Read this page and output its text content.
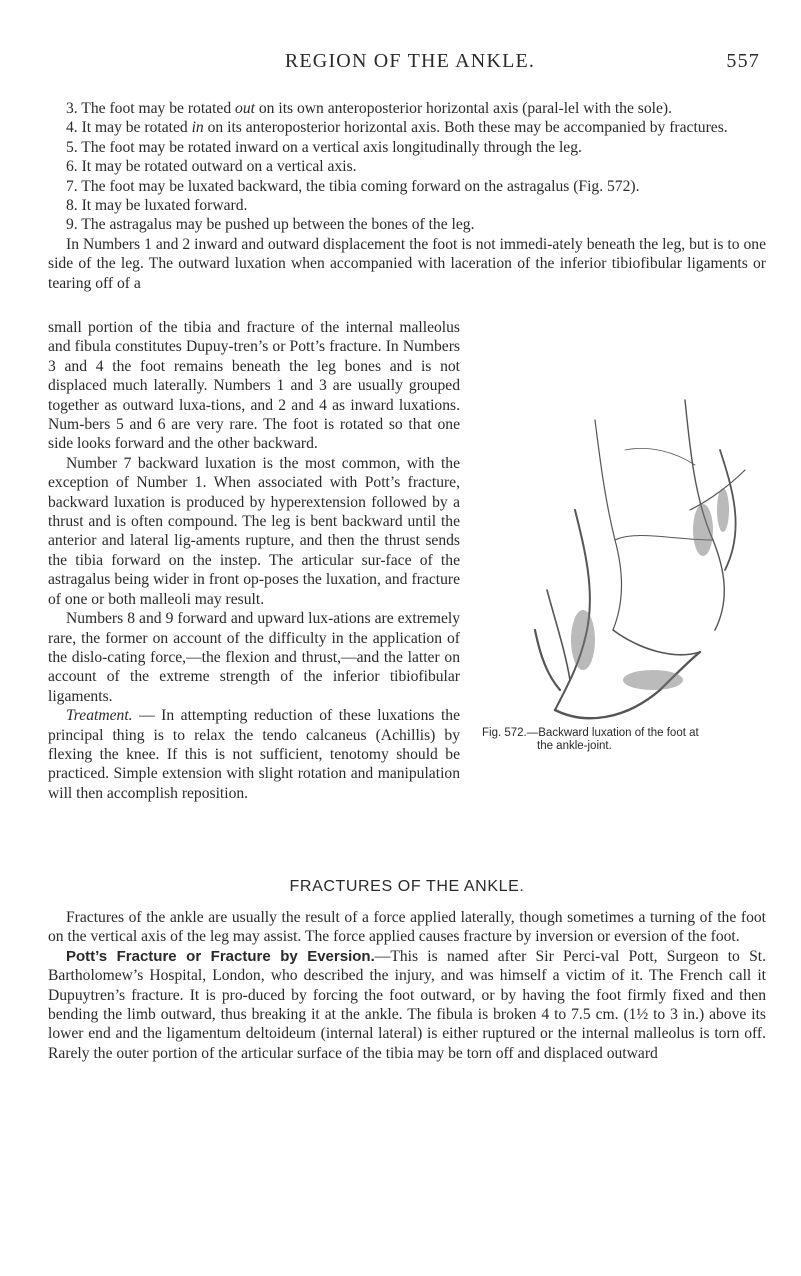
REGION OF THE ANKLE.	557

3. The foot may be rotated out on its own anteroposterior horizontal axis (paral-lel with the sole).

4. It may be rotated in on its anteroposterior horizontal axis. Both these may be accompanied by fractures.

5. The foot may be rotated inward on a vertical axis longitudinally through the leg.

6. It may be rotated outward on a vertical axis.

7. The foot may be luxated backward, the tibia coming forward on the astragalus (Fig. 572).

8. It may be luxated forward.

9. The astragalus may be pushed up between the bones of the leg.

In Numbers 1 and 2 inward and outward displacement the foot is not immedi-ately beneath the leg, but is to one side of the leg. The outward luxation when accompanied with laceration of the inferior tibiofibular ligaments or tearing off of a

small portion of the tibia and fracture of the internal malleolus and fibula constitutes Dupuy-tren’s or Pott’s fracture. In Numbers 3 and 4 the foot remains beneath the leg bones and is not displaced much laterally. Numbers 1 and 3 are usually grouped together as outward luxa-tions, and 2 and 4 as inward luxations. Num-bers 5 and 6 are very rare. The foot is rotated so that one side looks forward and the other backward.

Number 7 backward luxation is the most common, with the exception of Number 1. When associated with Pott’s fracture, backward luxation is produced by hyperextension followed by a thrust and is often compound. The leg is bent backward until the anterior and lateral lig-aments rupture, and then the thrust sends the tibia forward on the instep. The articular sur-face of the astragalus being wider in front op-poses the luxation, and fracture of one or both malleoli may result.

Numbers 8 and 9 forward and upward lux-ations are extremely rare, the former on account of the difficulty in the application of the dislo-cating force,—the flexion and thrust,—and the latter on account of the extreme strength of the inferior tibiofibular ligaments.

Treatment. — In attempting reduction of these luxations the principal thing is to relax the tendo calcaneus (Achillis) by flexing the knee. If this is not sufficient, tenotomy should be practiced. Simple extension with slight rotation and manipulation will then accomplish reposition.

Fig. 572.—Backward luxation of the foot at
the ankle-joint.
FRACTURES OF THE ANKLE.

Fractures of the ankle are usually the result of a force applied laterally, though sometimes a turning of the foot on the vertical axis of the leg may assist. The force applied causes fracture by inversion or eversion of the foot.

Pott’s Fracture or Fracture by Eversion.—This is named after Sir Perci-val Pott, Surgeon to St. Bartholomew’s Hospital, London, who described the injury, and was himself a victim of it. The French call it Dupuytren’s fracture. It is pro-duced by forcing the foot outward, or by having the foot firmly fixed and then bending the limb outward, thus breaking it at the ankle. The fibula is broken 4 to 7.5 cm. (1½ to 3 in.) above its lower end and the ligamentum deltoideum (internal lateral) is either ruptured or the internal malleolus is torn off. Rarely the outer portion of the articular surface of the tibia may be torn off and displaced outward
